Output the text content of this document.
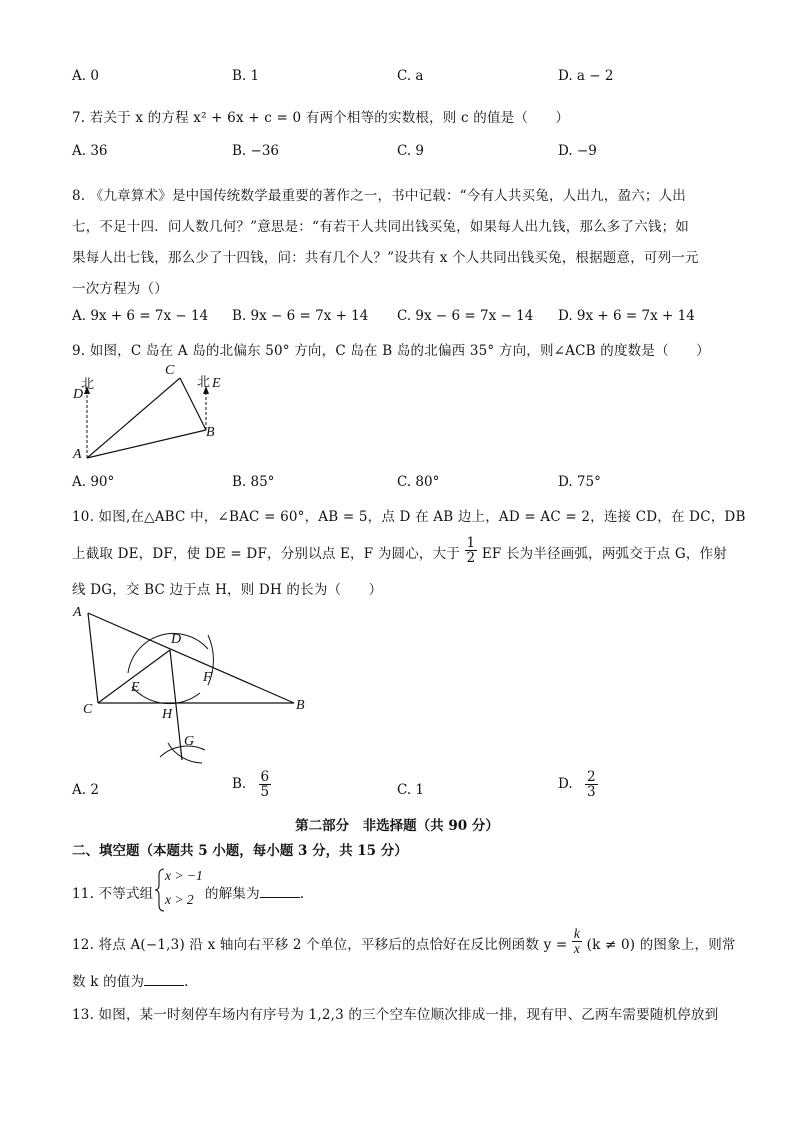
A. 0	B. 1	C. a	D. a − 2
7. 若关于 x 的方程 x² + 6x + c = 0 有两个相等的实数根，则 c 的值是（　　）
A. 36	B. −36	C. 9	D. −9
8. 《九章算术》是中国传统数学最重要的著作之一，书中记载：“今有人共买兔，人出九，盈六；人出
七，不足十四．问人数几何？”意思是：“有若干人共同出钱买兔，如果每人出九钱，那么多了六钱；如
果每人出七钱，那么少了十四钱，问：共有几个人？”设共有 x 个人共同出钱买兔，根据题意，可列一元
一次方程为（）
A. 9x + 6 = 7x − 14 B. 9x − 6 = 7x + 14 C. 9x − 6 = 7x − 14 D. 9x + 6 = 7x + 14
9. 如图，C 岛在 A 岛的北偏东 50° 方向，C 岛在 B 岛的北偏西 35° 方向，则∠ACB 的度数是（　　）
北
D
A
C
北 E
B
A. 90°	B. 85°	C. 80°	D. 75°
10. 如图,在△ABC 中，∠BAC = 60°，AB = 5，点 D 在 AB 边上，AD = AC = 2，连接 CD，在 DC，DB
上截取 DE，DF，使 DE = DF，分别以点 E，F 为圆心，大于 $\frac{1}{2}$ EF 长为半径画弧，两弧交于点 G，作射
线 DG，交 BC 边于点 H，则 DH 的长为（　　）
A
D
E
F
C	H
B
G
A. 2	B. $\frac{6}{5}$	C. 1	D. $\frac{2}{3}$
第二部分　非选择题（共 90 分）
二、填空题（本题共 5 小题，每小题 3 分，共 15 分）
11. 不等式组
x > −1
x > 2 的解集为	.
12. 将点 A(−1,3) 沿 x 轴向右平移 2 个单位，平移后的点恰好在反比例函数 $y = \frac{k}{x} (k \ne 0)$ 的图象上，则常
数 k 的值为	.
13. 如图，某一时刻停车场内有序号为 1,2,3 的三个空车位顺次排成一排，现有甲、乙两车需要随机停放到
